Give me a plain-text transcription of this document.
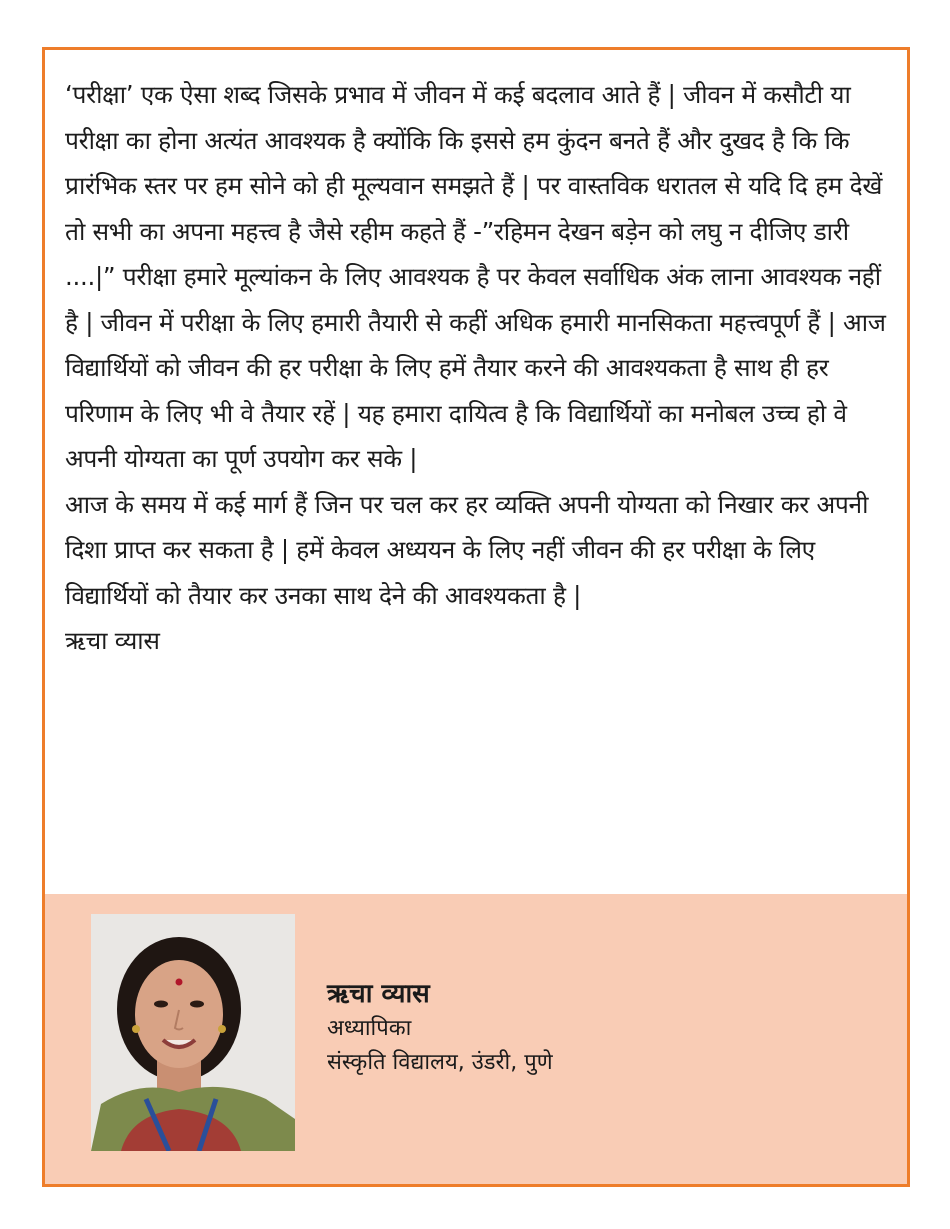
‘परीक्षा’ एक ऐसा शब्द जिसके प्रभाव में जीवन में कई बदलाव आते हैं | जीवन में कसौटी या परीक्षा का होना अत्यंत आवश्यक है क्योंकि कि इससे हम कुंदन बनते हैं और दुखद है कि कि प्रारंभिक स्तर पर हम सोने को ही मूल्यवान समझते हैं | पर वास्तविक धरातल से यदि दि हम देखें तो सभी का अपना महत्त्व है जैसे रहीम कहते हैं -”रहिमन देखन बड़ेन को लघु न दीजिए डारी ....|” परीक्षा हमारे मूल्यांकन के लिए आवश्यक है पर केवल सर्वाधिक अंक लाना आवश्यक नहीं है | जीवन में परीक्षा के लिए हमारी तैयारी से कहीं अधिक हमारी मानसिकता महत्त्वपूर्ण हैं | आज विद्यार्थियों को जीवन की हर परीक्षा के लिए हमें तैयार करने की आवश्यकता है साथ ही हर परिणाम के लिए भी वे तैयार रहें | यह हमारा दायित्व है कि विद्यार्थियों का मनोबल उच्च हो वे अपनी योग्यता का पूर्ण उपयोग कर सके |

आज के समय में कई मार्ग हैं जिन पर चल कर हर व्यक्ति अपनी योग्यता को निखार कर अपनी दिशा प्राप्त कर सकता है | हमें केवल अध्ययन के लिए नहीं जीवन की हर परीक्षा के लिए विद्यार्थियों को तैयार कर उनका साथ देने की आवश्यकता है |

ऋचा व्यास

ऋचा व्यास
अध्यापिका
संस्कृति विद्यालय, उंडरी, पुणे
